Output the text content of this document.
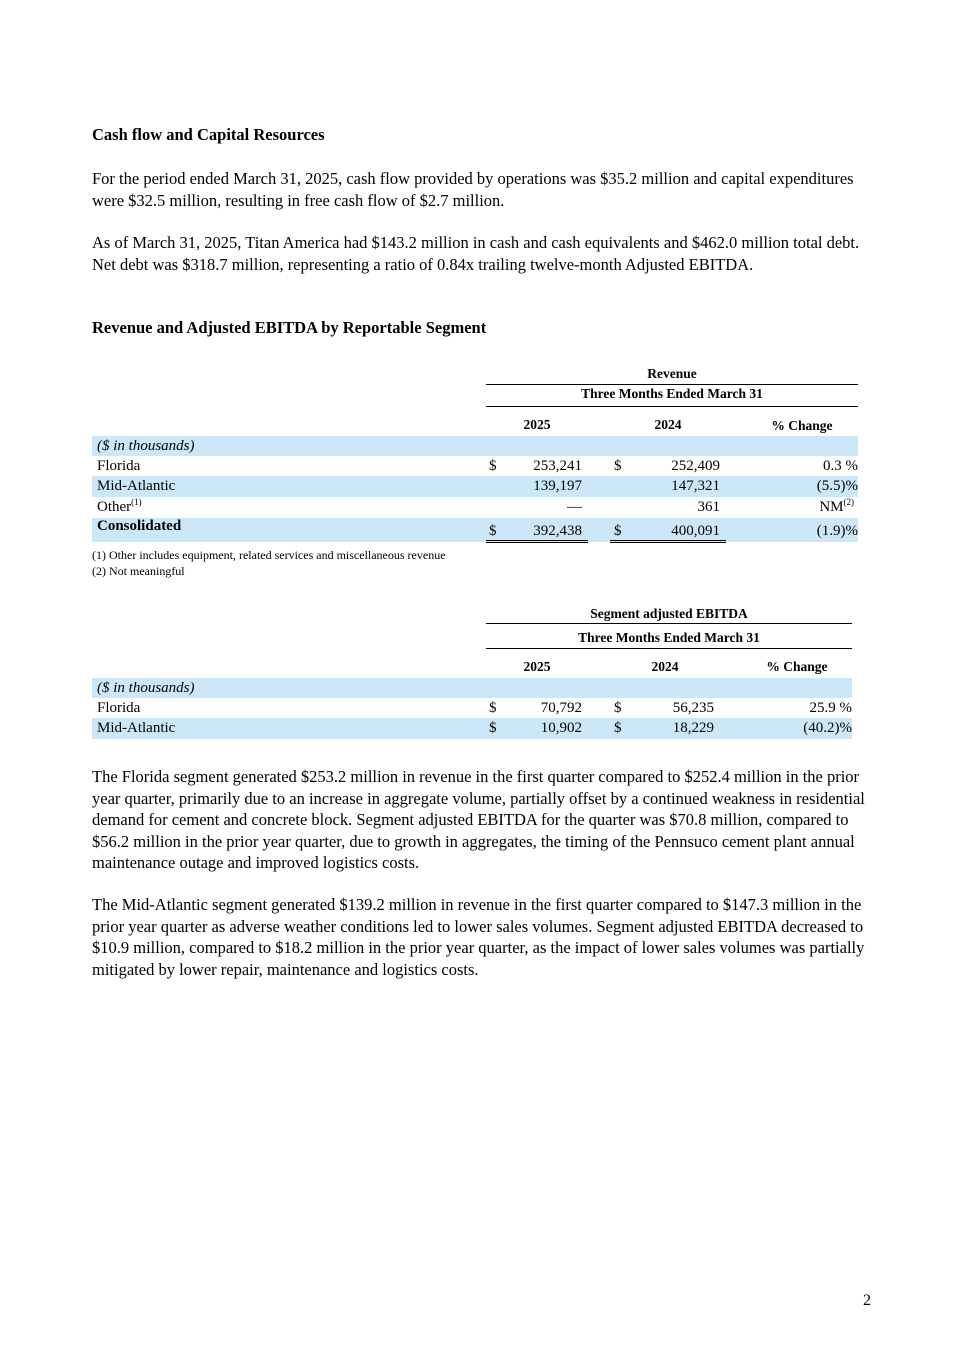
Cash flow and Capital Resources

For the period ended March 31, 2025, cash flow provided by operations was $35.2 million and capital expenditures were $32.5 million, resulting in free cash flow of $2.7 million.

As of March 31, 2025, Titan America had $143.2 million in cash and cash equivalents and $462.0 million total debt. Net debt was $318.7 million, representing a ratio of 0.84x trailing twelve-month Adjusted EBITDA.

Revenue and Adjusted EBITDA by Reportable Segment
Revenue
Three Months Ended March 31
2025	2024	% Change
($ in thousands)
Florida	$ 253,241 $	252,409	0.3 %
Mid-Atlantic	139,197	147,321	(5.5)%
Other$^{(1)}$	—	361	NM$^{(2)}$
Consolidated	$ 392,438 $	400,091	(1.9)%
(1) Other includes equipment, related services and miscellaneous revenue
(2) Not meaningful
Segment adjusted EBITDA
Three Months Ended March 31
2025	2024	% Change
($ in thousands)
Florida	$	70,792 $	56,235	25.9 %
Mid-Atlantic	$	10,902 $	18,229	(40.2)%

The Florida segment generated $253.2 million in revenue in the first quarter compared to $252.4 million in the prior year quarter, primarily due to an increase in aggregate volume, partially offset by a continued weakness in residential demand for cement and concrete block. Segment adjusted EBITDA for the quarter was $70.8 million, compared to $56.2 million in the prior year quarter, due to growth in aggregates, the timing of the Pennsuco cement plant annual maintenance outage and improved logistics costs.

The Mid-Atlantic segment generated $139.2 million in revenue in the first quarter compared to $147.3 million in the prior year quarter as adverse weather conditions led to lower sales volumes. Segment adjusted EBITDA decreased to $10.9 million, compared to $18.2 million in the prior year quarter, as the impact of lower sales volumes was partially mitigated by lower repair, maintenance and logistics costs.

2
